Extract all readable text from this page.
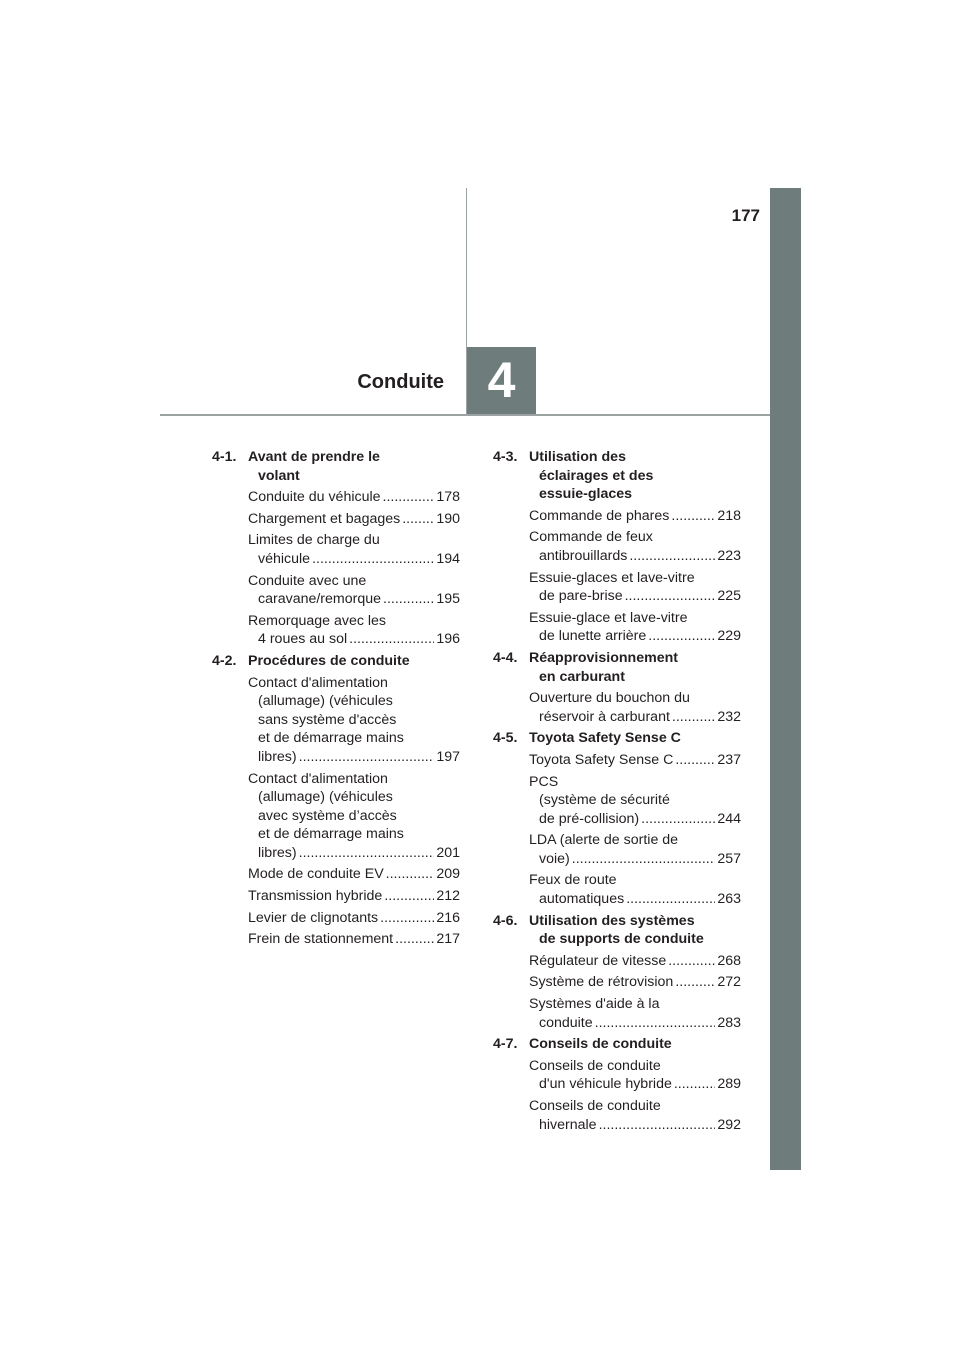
177
Conduite 4
4-1. Avant de prendre le
volant
Conduite du véhicule .....	178
Chargement et bagages .....	190
Limites de charge du
véhicule .....	194
Conduite avec une
caravane/remorque .....	195
Remorquage avec les
4 roues au sol .....	196
4-2. Procédures de conduite
Contact d'alimentation
(allumage) (véhicules
sans système d'accès
et de démarrage mains
libres) .....	197
Contact d'alimentation
(allumage) (véhicules
avec système d’accès
et de démarrage mains
libres) .....	201
Mode de conduite EV .....	209
Transmission hybride .....	212
Levier de clignotants .....	216
Frein de stationnement .....	217
4-3. Utilisation des
éclairages et des
essuie-glaces
Commande de phares .....	218
Commande de feux
antibrouillards .....	223
Essuie-glaces et lave-vitre
de pare-brise .....	225
Essuie-glace et lave-vitre
de lunette arrière .....	229
4-4. Réapprovisionnement
en carburant
Ouverture du bouchon du
réservoir à carburant .....	232
4-5. Toyota Safety Sense C
Toyota Safety Sense C .....	237
PCS
(système de sécurité
de pré-collision) .....	244
LDA (alerte de sortie de
voie) .....	257
Feux de route
automatiques .....	263
4-6. Utilisation des systèmes
de supports de conduite
Régulateur de vitesse .....	268
Système de rétrovision .....	272
Systèmes d'aide à la
conduite .....	283
4-7. Conseils de conduite
Conseils de conduite
d'un véhicule hybride .....	289
Conseils de conduite
hivernale .....	292
